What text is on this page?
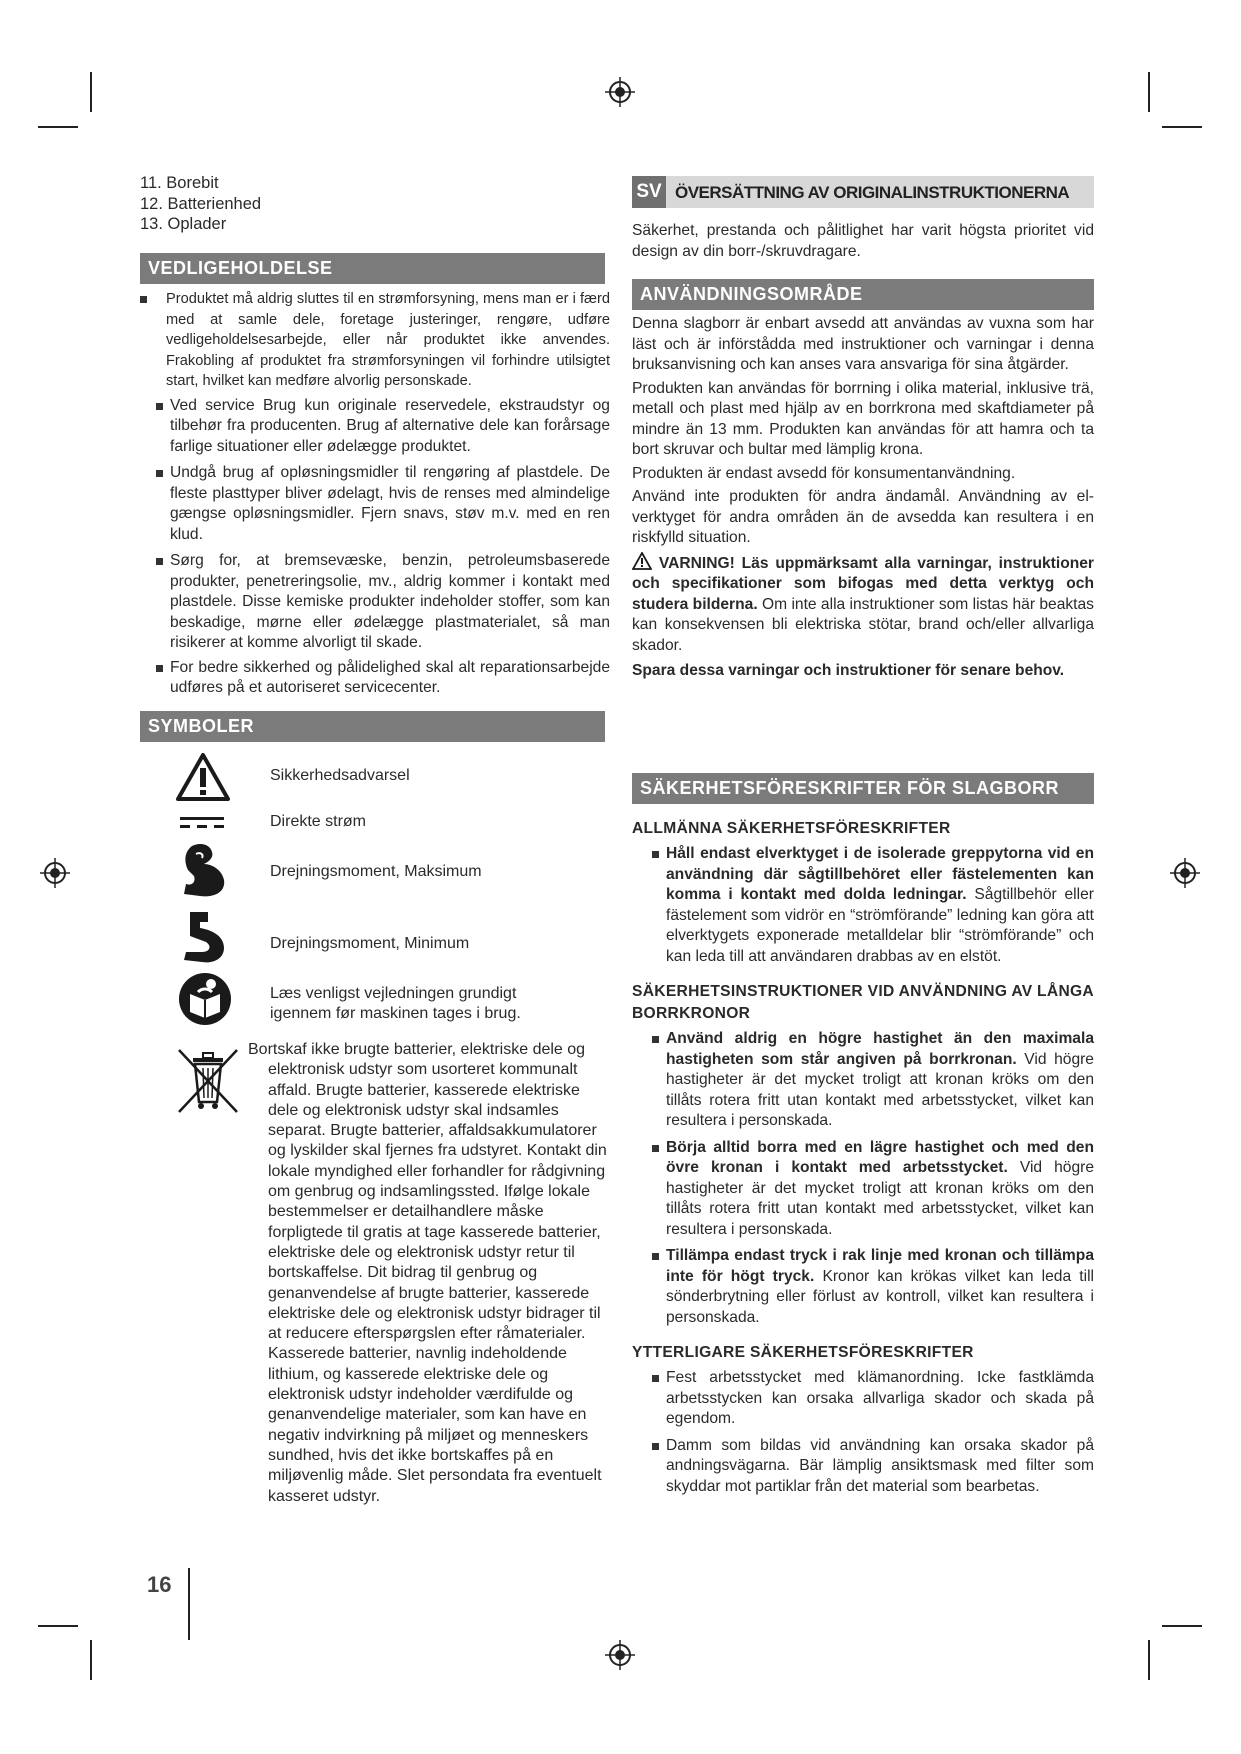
11. Borebit
12. Batterienhed
13. Oplader
VEDLIGEHOLDELSE
Produktet må aldrig sluttes til en strømforsyning, mens man er i færd med at samle dele, foretage justeringer, rengøre, udføre vedligeholdelsesarbejde, eller når produktet ikke anvendes. Frakobling af produktet fra strømforsyningen vil forhindre utilsigtet start, hvilket kan medføre alvorlig personskade.
Ved service Brug kun originale reservedele, ekstraudstyr og tilbehør fra producenten. Brug af alternative dele kan forårsage farlige situationer eller ødelægge produktet.
Undgå brug af opløsningsmidler til rengøring af plastdele. De fleste plasttyper bliver ødelagt, hvis de renses med almindelige gængse opløsningsmidler. Fjern snavs, støv m.v. med en ren klud.
Sørg for, at bremsevæske, benzin, petroleumsbaserede produkter, penetreringsolie, mv., aldrig kommer i kontakt med plastdele. Disse kemiske produkter indeholder stoffer, som kan beskadige, mørne eller ødelægge plastmaterialet, så man risikerer at komme alvorligt til skade.
For bedre sikkerhed og pålidelighed skal alt reparationsarbejde udføres på et autoriseret servicecenter.
SYMBOLER
Sikkerhedsadvarsel
Direkte strøm
Drejningsmoment, Maksimum
Drejningsmoment, Minimum
Læs venligst vejledningen grundigt igennem før maskinen tages i brug.
Bortskaf ikke brugte batterier, elektriske dele og elektronisk udstyr som usorteret kommunalt affald. Brugte batterier, kasserede elektriske dele og elektronisk udstyr skal indsamles separat. Brugte batterier, affaldsakkumulatorer og lyskilder skal fjernes fra udstyret. Kontakt din lokale myndighed eller forhandler for rådgivning om genbrug og indsamlingssted. Ifølge lokale bestemmelser er detailhandlere måske forpligtede til gratis at tage kasserede batterier, elektriske dele og elektronisk udstyr retur til bortskaffelse. Dit bidrag til genbrug og genanvendelse af brugte batterier, kasserede elektriske dele og elektronisk udstyr bidrager til at reducere efterspørgslen efter råmaterialer. Kasserede batterier, navnlig indeholdende lithium, og kasserede elektriske dele og elektronisk udstyr indeholder værdifulde og genanvendelige materialer, som kan have en negativ indvirkning på miljøet og menneskers sundhed, hvis det ikke bortskaffes på en miljøvenlig måde. Slet persondata fra eventuelt kasseret udstyr.
16
SV ÖVERSÄTTNING AV ORIGINALINSTRUKTIONERNA
Säkerhet, prestanda och pålitlighet har varit högsta prioritet vid design av din borr-/skruvdragare.
ANVÄNDNINGSOMRÅDE

Denna slagborr är enbart avsedd att användas av vuxna som har läst och är införstådda med instruktioner och varningar i denna bruksanvisning och kan anses vara ansvariga för sina åtgärder.

Produkten kan användas för borrning i olika material, inklusive trä, metall och plast med hjälp av en borrkrona med skaftdiameter på mindre än 13 mm. Produkten kan användas för att hamra och ta bort skruvar och bultar med lämplig krona.

Produkten är endast avsedd för konsumentanvändning.

Använd inte produkten för andra ändamål. Användning av el-verktyget för andra områden än de avsedda kan resultera i en riskfylld situation.

VARNING! Läs uppmärksamt alla varningar, instruktioner och specifikationer som bifogas med detta verktyg och studera bilderna. Om inte alla instruktioner som listas här beaktas kan konsekvensen bli elektriska stötar, brand och/eller allvarliga skador.

Spara dessa varningar och instruktioner för senare behov.

SÄKERHETSFÖRESKRIFTER FÖR SLAGBORR
ALLMÄNNA SÄKERHETSFÖRESKRIFTER
Håll endast elverktyget i de isolerade greppytorna vid en användning där sågtillbehöret eller fästelementen kan komma i kontakt med dolda ledningar. Sågtillbehör eller fästelement som vidrör en “strömförande” ledning kan göra att elverktygets exponerade metalldelar blir “strömförande” och kan leda till att användaren drabbas av en elstöt.
SÄKERHETSINSTRUKTIONER VID ANVÄNDNING AV LÅNGA BORRKRONOR
Använd aldrig en högre hastighet än den maximala hastigheten som står angiven på borrkronan. Vid högre hastigheter är det mycket troligt att kronan kröks om den tillåts rotera fritt utan kontakt med arbetsstycket, vilket kan resultera i personskada.
Börja alltid borra med en lägre hastighet och med den övre kronan i kontakt med arbetsstycket. Vid högre hastigheter är det mycket troligt att kronan kröks om den tillåts rotera fritt utan kontakt med arbetsstycket, vilket kan resultera i personskada.
Tillämpa endast tryck i rak linje med kronan och tillämpa inte för högt tryck. Kronor kan krökas vilket kan leda till sönderbrytning eller förlust av kontroll, vilket kan resultera i personskada.
YTTERLIGARE SÄKERHETSFÖRESKRIFTER
Fest arbetsstycket med klämanordning. Icke fastklämda arbetsstycken kan orsaka allvarliga skador och skada på egendom.
Damm som bildas vid användning kan orsaka skador på andningsvägarna. Bär lämplig ansiktsmask med filter som skyddar mot partiklar från det material som bearbetas.
